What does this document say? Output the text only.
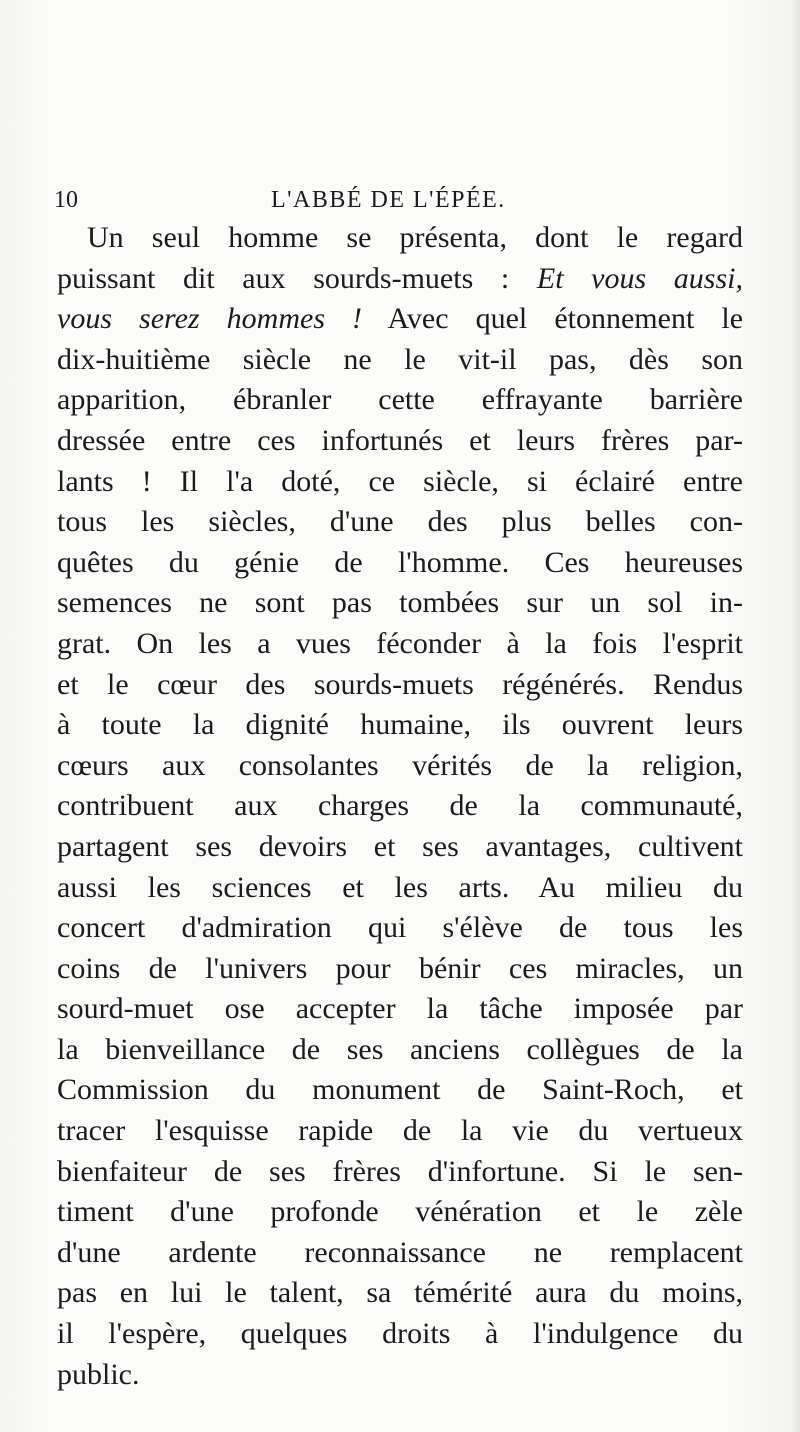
10	L'ABBÉ DE L'ÉPÉE.
Un seul homme se présenta, dont le regard
puissant dit aux sourds-muets : Et vous aussi,
vous serez hommes ! Avec quel étonnement le
dix-huitième siècle ne le vit-il pas, dès son
apparition, ébranler cette effrayante barrière
dressée entre ces infortunés et leurs frères par-
lants ! Il l'a doté, ce siècle, si éclairé entre
tous les siècles, d'une des plus belles con-
quêtes du génie de l'homme. Ces heureuses
semences ne sont pas tombées sur un sol in-
grat. On les a vues féconder à la fois l'esprit
et le cœur des sourds-muets régénérés. Rendus
à toute la dignité humaine, ils ouvrent leurs
cœurs aux consolantes vérités de la religion,
contribuent aux charges de la communauté,
partagent ses devoirs et ses avantages, cultivent
aussi les sciences et les arts. Au milieu du
concert d'admiration qui s'élève de tous les
coins de l'univers pour bénir ces miracles, un
sourd-muet ose accepter la tâche imposée par
la bienveillance de ses anciens collègues de la
Commission du monument de Saint-Roch, et
tracer l'esquisse rapide de la vie du vertueux
bienfaiteur de ses frères d'infortune. Si le sen-
timent d'une profonde vénération et le zèle
d'une ardente reconnaissance ne remplacent
pas en lui le talent, sa témérité aura du moins,
il l'espère, quelques droits à l'indulgence du
public.
